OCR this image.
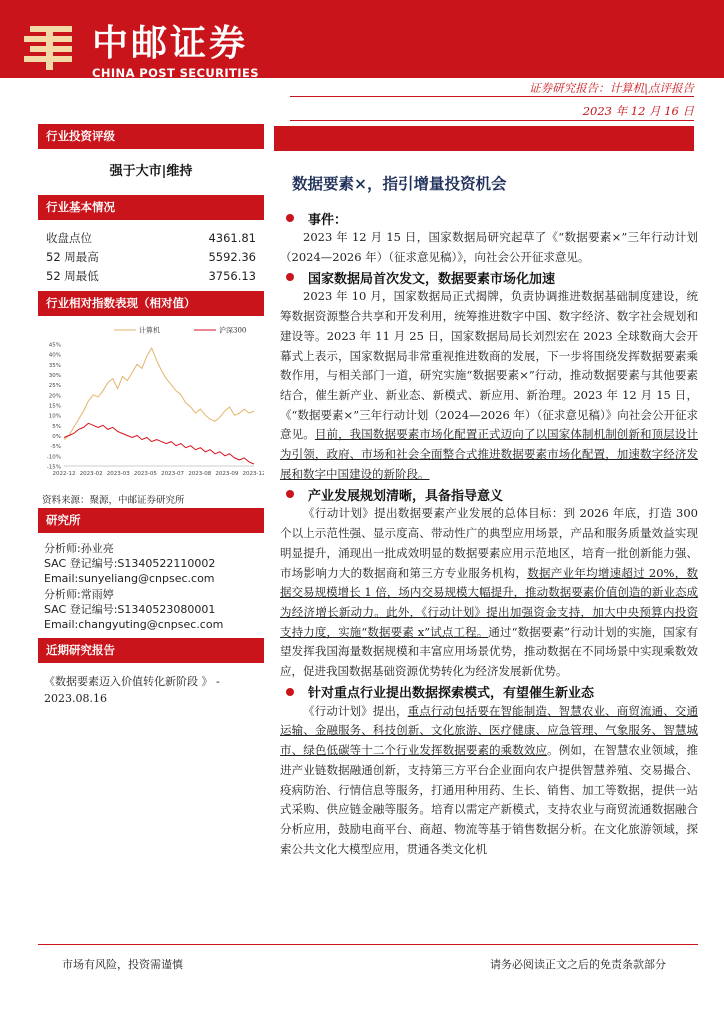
中邮证券
CHINA POST SECURITIES
证券研究报告：计算机|点评报告
2023 年 12 月 16 日
行业投资评级
强于大市|维持
行业基本情况
收盘点位	4361.81
52 周最高	5592.36
52 周最低	3756.13
行业相对指数表现（相对值）
45%
40%
35%
30%
25%
20%
15%
10%
5%
0%
-5%
-10%
-15%
2022-12 2023-02 2023-03 2023-05 2023-07 2023-08 2023-09 2023-12
计算机	沪深300
资料来源：聚源，中邮证券研究所
研究所
分析师:孙业亮
SAC 登记编号:S1340522110002
Email:sunyeliang@cnpsec.com
分析师:常雨婷
SAC 登记编号:S1340523080001
Email:changyuting@cnpsec.com
近期研究报告
《数据要素迈入价值转化新阶段 》 -
2023.08.16
数据要素×，指引增量投资机会
事件：

2023 年 12 月 15 日，国家数据局研究起草了《“数据要素×”三年行动计划（2024—2026 年）（征求意见稿）》，向社会公开征求意见。

国家数据局首次发文，数据要素市场化加速

2023 年 10 月，国家数据局正式揭牌，负责协调推进数据基础制度建设，统筹数据资源整合共享和开发利用，统筹推进数字中国、数字经济、数字社会规划和建设等。2023 年 11 月 25 日，国家数据局局长刘烈宏在 2023 全球数商大会开幕式上表示，国家数据局非常重视推进数商的发展，下一步将围绕发挥数据要素乘数作用，与相关部门一道，研究实施“数据要素×”行动，推动数据要素与其他要素结合，催生新产业、新业态、新模式、新应用、新治理。2023 年 12 月 15 日，《“数据要素×”三年行动计划（2024—2026 年）（征求意见稿）》向社会公开征求意见。目前，我国数据要素市场化配置正式迈向了以国家体制机制创新和顶层设计为引领，政府、市场和社会全面整合式推进数据要素市场化配置，加速数字经济发展和数字中国建设的新阶段。

产业发展规划清晰，具备指导意义

《行动计划》提出数据要素产业发展的总体目标：到 2026 年底，打造 300 个以上示范性强、显示度高、带动性广的典型应用场景，产品和服务质量效益实现明显提升，涌现出一批成效明显的数据要素应用示范地区，培育一批创新能力强、市场影响力大的数据商和第三方专业服务机构，数据产业年均增速超过 20%，数据交易规模增长 1 倍，场内交易规模大幅提升，推动数据要素价值创造的新业态成为经济增长新动力。此外，《行动计划》提出加强资金支持，加大中央预算内投资支持力度，实施“数据要素 x”试点工程。通过“数据要素”行动计划的实施，国家有望发挥我国海量数据规模和丰富应用场景优势，推动数据在不同场景中实现乘数效应，促进我国数据基础资源优势转化为经济发展新优势。

针对重点行业提出数据探索模式，有望催生新业态

《行动计划》提出，重点行动包括要在智能制造、智慧农业、商贸流通、交通运输、金融服务、科技创新、文化旅游、医疗健康、应急管理、气象服务、智慧城市、绿色低碳等十二个行业发挥数据要素的乘数效应。例如，在智慧农业领域，推进产业链数据融通创新，支持第三方平台企业面向农户提供智慧养殖、交易撮合、疫病防治、行情信息等服务，打通用种用药、生长、销售、加工等数据，提供一站式采购、供应链金融等服务。培育以需定产新模式，支持农业与商贸流通数据融合分析应用，鼓励电商平台、商超、物流等基于销售数据分析。在文化旅游领域，探索公共文化大模型应用，贯通各类文化机

市场有风险，投资需谨慎	请务必阅读正文之后的免责条款部分
